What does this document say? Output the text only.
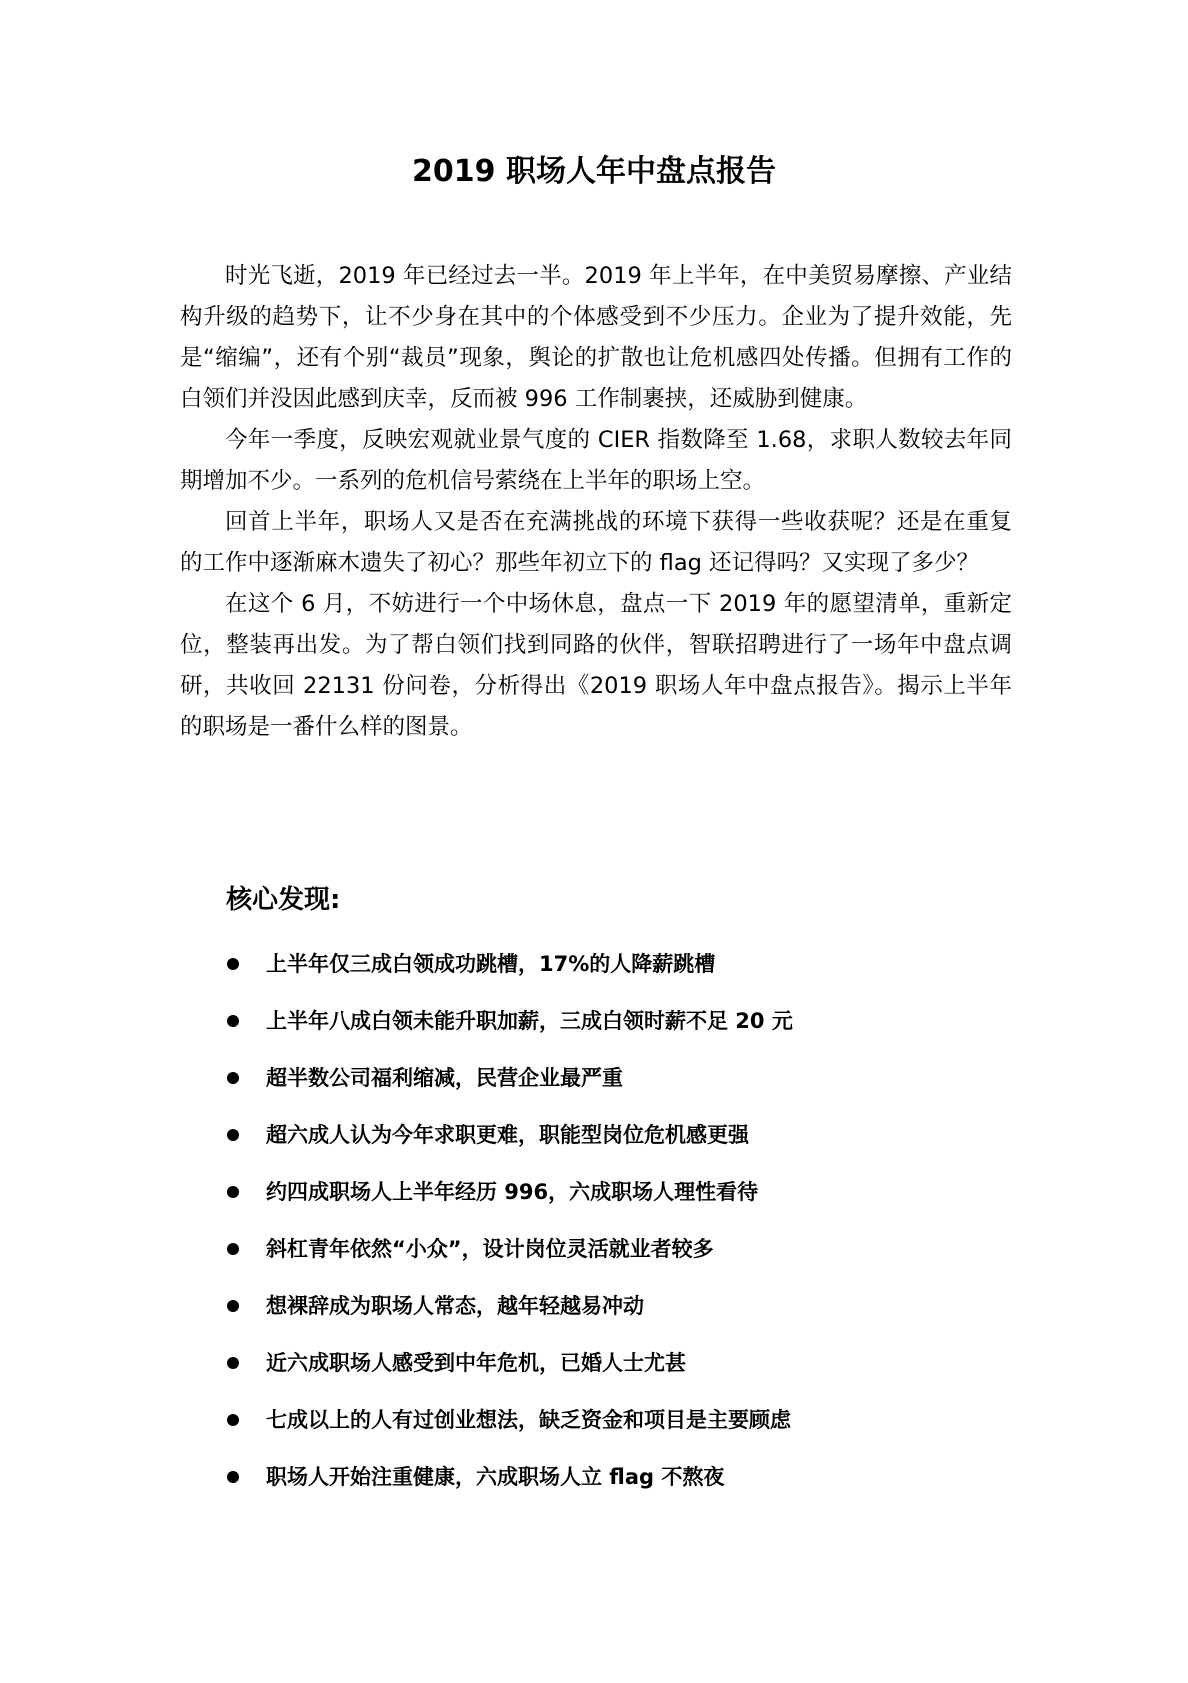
2019 职场人年中盘点报告

时光飞逝，2019 年已经过去一半。2019 年上半年，在中美贸易摩擦、产业结构升级的趋势下，让不少身在其中的个体感受到不少压力。企业为了提升效能，先是“缩编”，还有个别“裁员”现象，舆论的扩散也让危机感四处传播。但拥有工作的白领们并没因此感到庆幸，反而被 996 工作制裹挟，还威胁到健康。

今年一季度，反映宏观就业景气度的 CIER 指数降至 1.68，求职人数较去年同期增加不少。一系列的危机信号萦绕在上半年的职场上空。

回首上半年，职场人又是否在充满挑战的环境下获得一些收获呢？还是在重复的工作中逐渐麻木遗失了初心？那些年初立下的 flag 还记得吗？又实现了多少？

在这个 6 月，不妨进行一个中场休息，盘点一下 2019 年的愿望清单，重新定位，整装再出发。为了帮白领们找到同路的伙伴，智联招聘进行了一场年中盘点调研，共收回 22131 份问卷，分析得出《2019 职场人年中盘点报告》。揭示上半年的职场是一番什么样的图景。

核心发现:
上半年仅三成白领成功跳槽，17%的人降薪跳槽
上半年八成白领未能升职加薪，三成白领时薪不足 20 元
超半数公司福利缩减，民营企业最严重
超六成人认为今年求职更难，职能型岗位危机感更强
约四成职场人上半年经历 996，六成职场人理性看待
斜杠青年依然“小众”，设计岗位灵活就业者较多
想裸辞成为职场人常态，越年轻越易冲动
近六成职场人感受到中年危机，已婚人士尤甚
七成以上的人有过创业想法，缺乏资金和项目是主要顾虑
职场人开始注重健康，六成职场人立 flag 不熬夜
